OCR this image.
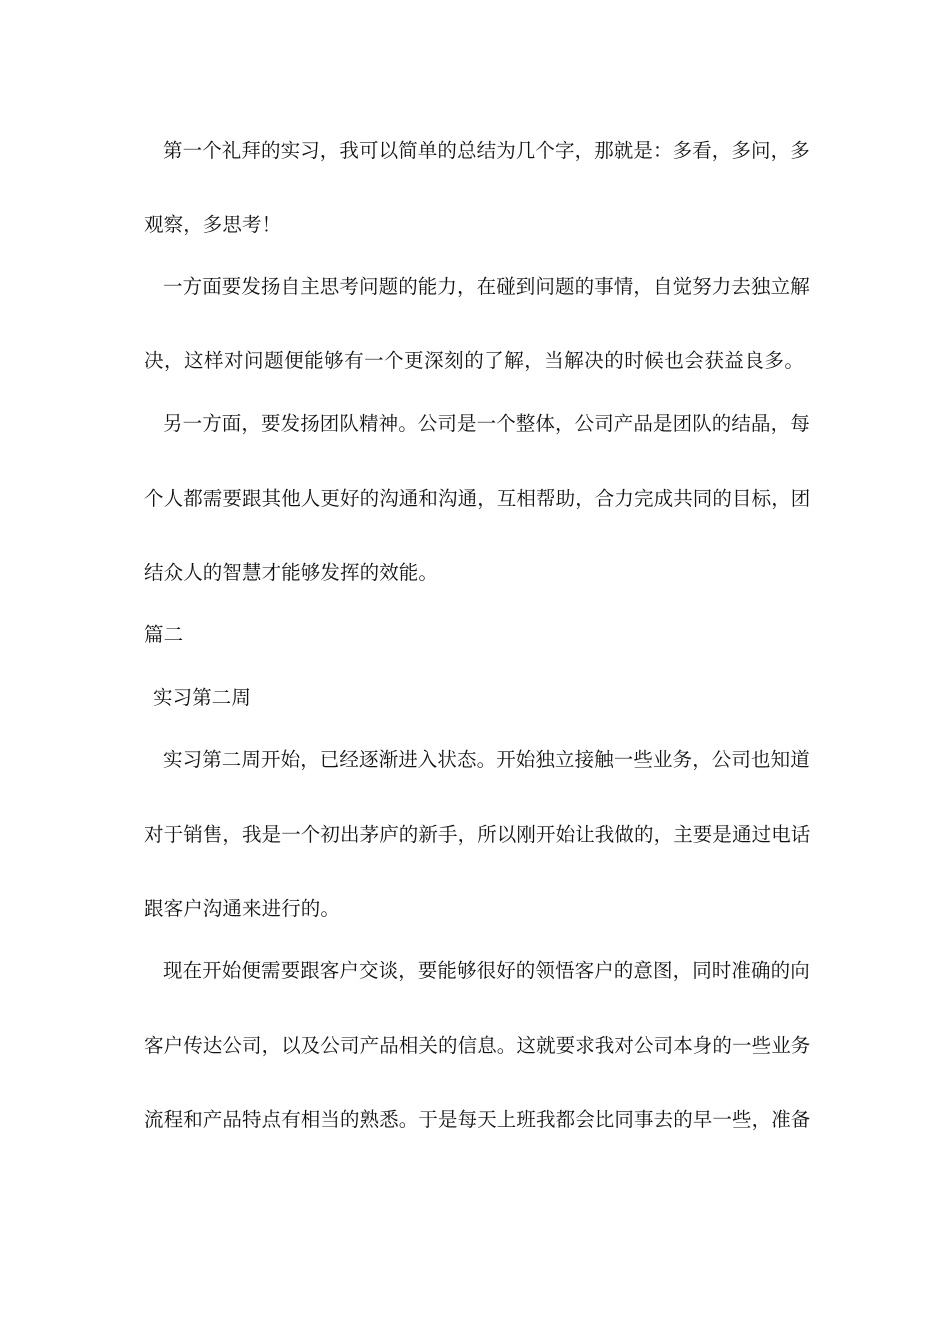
第一个礼拜的实习，我可以简单的总结为几个字，那就是：多看，多问，多
观察，多思考！
一方面要发扬自主思考问题的能力，在碰到问题的事情，自觉努力去独立解
决，这样对问题便能够有一个更深刻的了解，当解决的时候也会获益良多。
另一方面，要发扬团队精神。公司是一个整体，公司产品是团队的结晶，每
个人都需要跟其他人更好的沟通和沟通，互相帮助，合力完成共同的目标，团
结众人的智慧才能够发挥的效能。
篇二
实习第二周
实习第二周开始，已经逐渐进入状态。开始独立接触一些业务，公司也知道
对于销售，我是一个初出茅庐的新手，所以刚开始让我做的，主要是通过电话
跟客户沟通来进行的。
现在开始便需要跟客户交谈，要能够很好的领悟客户的意图，同时准确的向
客户传达公司，以及公司产品相关的信息。这就要求我对公司本身的一些业务
流程和产品特点有相当的熟悉。于是每天上班我都会比同事去的早一些，准备
